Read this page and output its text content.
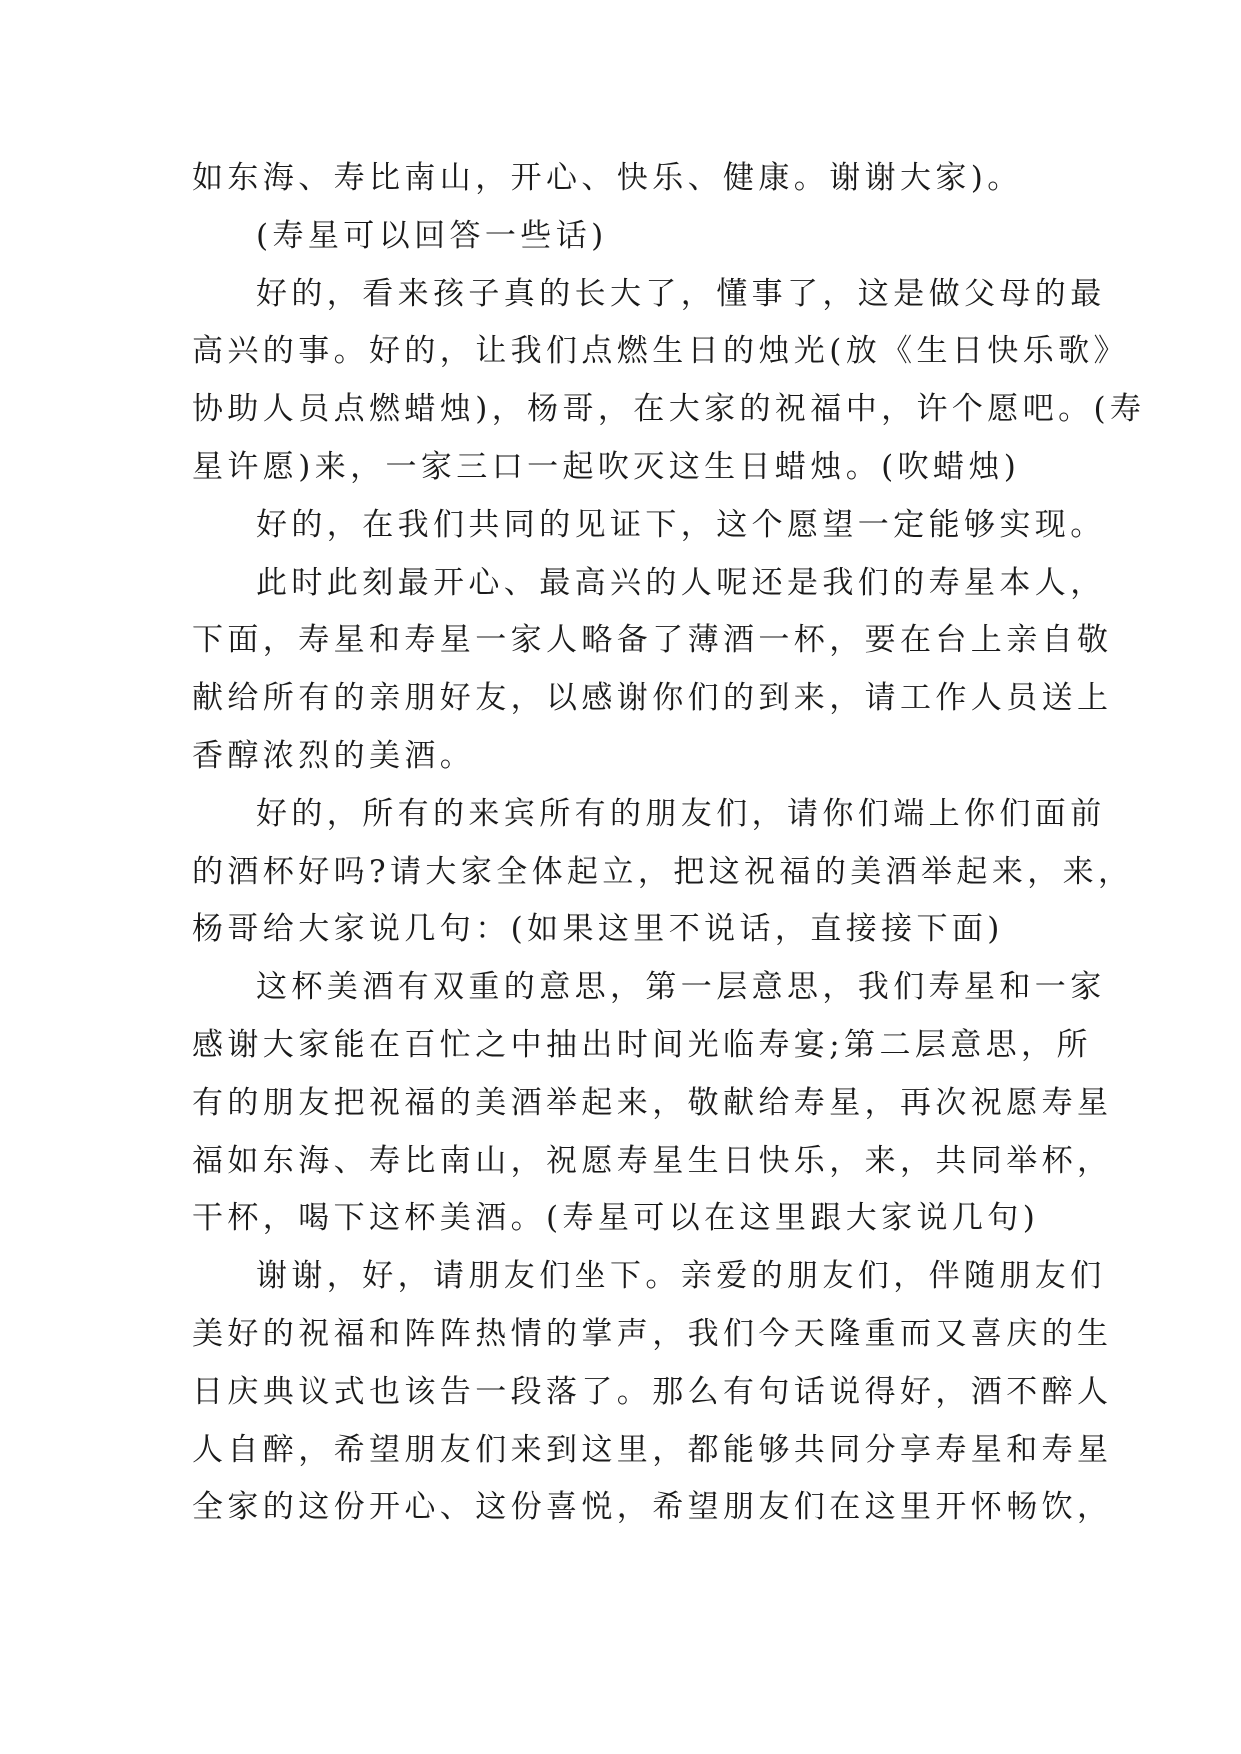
如东海、寿比南山，开心、快乐、健康。谢谢大家)。
(寿星可以回答一些话)
好的，看来孩子真的长大了，懂事了，这是做父母的最
高兴的事。好的，让我们点燃生日的烛光(放《生日快乐歌》
协助人员点燃蜡烛)，杨哥，在大家的祝福中，许个愿吧。(寿
星许愿)来，一家三口一起吹灭这生日蜡烛。(吹蜡烛)
好的，在我们共同的见证下，这个愿望一定能够实现。
此时此刻最开心、最高兴的人呢还是我们的寿星本人，
下面，寿星和寿星一家人略备了薄酒一杯，要在台上亲自敬
献给所有的亲朋好友，以感谢你们的到来，请工作人员送上
香醇浓烈的美酒。
好的，所有的来宾所有的朋友们，请你们端上你们面前
的酒杯好吗?请大家全体起立，把这祝福的美酒举起来，来，
杨哥给大家说几句：(如果这里不说话，直接接下面)
这杯美酒有双重的意思，第一层意思，我们寿星和一家
感谢大家能在百忙之中抽出时间光临寿宴;第二层意思，所
有的朋友把祝福的美酒举起来，敬献给寿星，再次祝愿寿星
福如东海、寿比南山，祝愿寿星生日快乐，来，共同举杯，
干杯，喝下这杯美酒。(寿星可以在这里跟大家说几句)
谢谢，好，请朋友们坐下。亲爱的朋友们，伴随朋友们
美好的祝福和阵阵热情的掌声，我们今天隆重而又喜庆的生
日庆典议式也该告一段落了。那么有句话说得好，酒不醉人
人自醉，希望朋友们来到这里，都能够共同分享寿星和寿星
全家的这份开心、这份喜悦，希望朋友们在这里开怀畅饮，
